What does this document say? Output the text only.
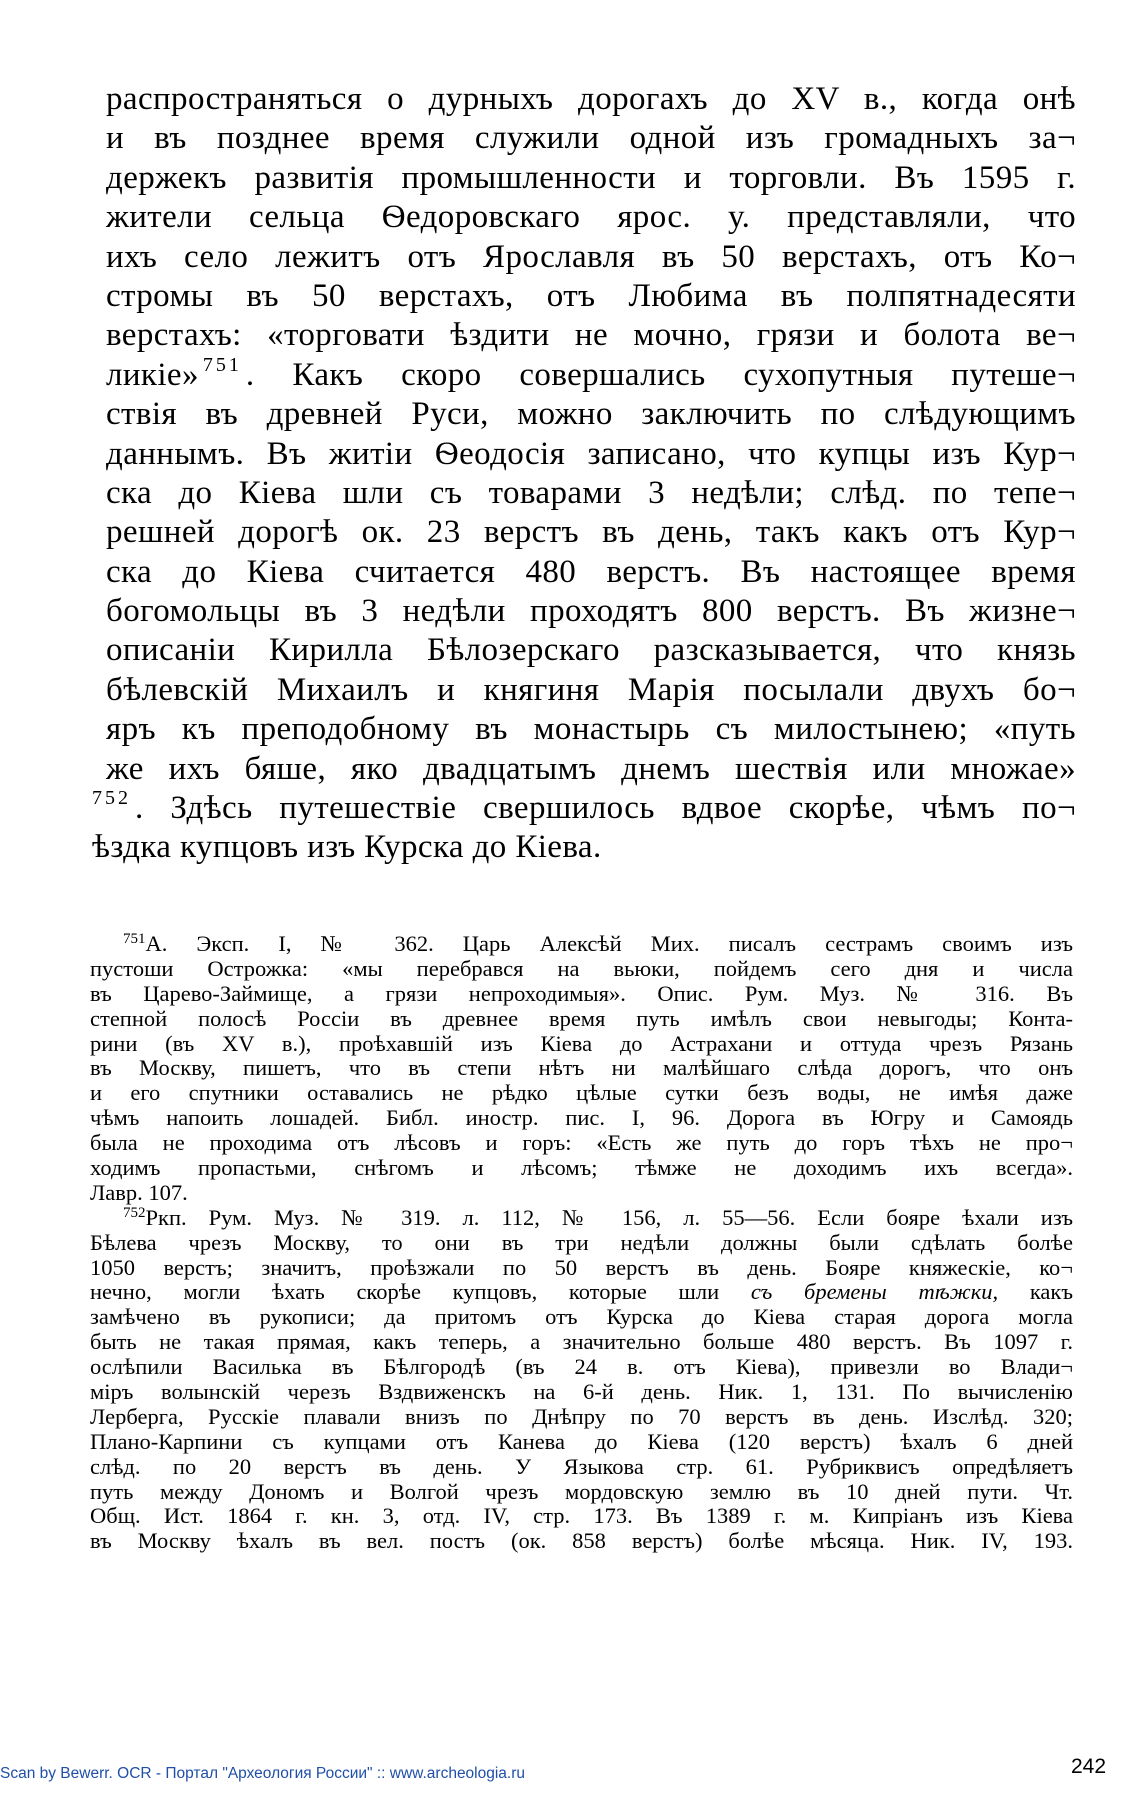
распространяться о дурныхъ дорогахъ до XV в., когда онѣ
и въ позднее время служили одной изъ громадныхъ за¬
держекъ развитія промышленности и торговли. Въ 1595 г.
жители сельца Ѳедоровскаго ярос. у. представляли, что
ихъ село лежитъ отъ Ярославля въ 50 верстахъ, отъ Ко¬
стромы въ 50 верстахъ, отъ Любима въ полпятнадесяти
верстахъ: «торговати ѣздити не мочно, грязи и болота ве¬
ликіе» $^{751}$ . Какъ скоро совершались сухопутныя путеше¬
ствія въ древней Руси, можно заключить по слѣдующимъ
даннымъ. Въ житіи Ѳеодосія записано, что купцы изъ Кур¬
ска до Кіева шли съ товарами 3 недѣли; слѣд. по тепе¬
решней дорогѣ ок. 23 верстъ въ день, такъ какъ отъ Кур¬
ска до Кіева считается 480 верстъ. Въ настоящее время
богомольцы въ 3 недѣли проходятъ 800 верстъ. Въ жизне¬
описаніи Кирилла Бѣлозерскаго разсказывается, что князь
бѣлевскій Михаилъ и княгиня Марія посылали двухъ бо¬
яръ къ преподобному въ монастырь съ милостынею; «путь
же ихъ бяше, яко двадцатымъ днемъ шествія или множае»
$^{752}$ . Здѣсь путешествіе свершилось вдвое скорѣе, чѣмъ по¬
ѣздка купцовъ изъ Курска до Кіева.
$^{751}$А. Эксп. I, № 362. Царь Алексѣй Мих. писалъ сестрамъ своимъ изъ
пустоши Острожка: «мы перебрався на вьюки, пойдемъ сего дня и числа
въ Царево-Займище, а грязи непроходимыя». Опис. Рум. Муз. № 316. Въ
степной полосѣ Россіи въ древнее время путь имѣлъ свои невыгоды; Конта-
рини (въ XV в.), проѣхавшій изъ Кіева до Астрахани и оттуда чрезъ Рязань
въ Москву, пишетъ, что въ степи нѣтъ ни малѣйшаго слѣда дорогъ, что онъ
и его спутники оставались не рѣдко цѣлые сутки безъ воды, не имѣя даже
чѣмъ напоить лошадей. Библ. иностр. пис. I, 96. Дорога въ Югру и Самоядь
была не проходима отъ лѣсовъ и горъ: «Есть же путь до горъ тѣхъ не про¬
ходимъ пропастьми, снѣгомъ и лѣсомъ; тѣмже не доходимъ ихъ всегда».
Лавр. 107.
$^{752}$Ркп. Рум. Муз. № 319. л. 112, № 156, л. 55—56. Если бояре ѣхали изъ
Бѣлева чрезъ Москву, то они въ три недѣли должны были сдѣлать болѣе
1050 верстъ; значитъ, проѣзжали по 50 верстъ въ день. Бояре княжескіе, ко¬
нечно, могли ѣхать скорѣе купцовъ, которые шли съ бремены тѣжки, какъ
замѣчено въ рукописи; да притомъ отъ Курска до Кіева старая дорога могла
быть не такая прямая, какъ теперь, а значительно больше 480 верстъ. Въ 1097 г.
ослѣпили Василька въ Бѣлгородѣ (въ 24 в. отъ Кіева), привезли во Влади¬
міръ волынскій черезъ Вздвиженскъ на 6-й день. Ник. 1, 131. По вычисленію
Лерберга, Русскіе плавали внизъ по Днѣпру по 70 верстъ въ день. Изслѣд. 320;
Плано-Карпини съ купцами отъ Канева до Кіева (120 верстъ) ѣхалъ 6 дней
слѣд. по 20 верстъ въ день. У Языкова стр. 61. Рубриквисъ опредѣляетъ
путь между Дономъ и Волгой чрезъ мордовскую землю въ 10 дней пути. Чт.
Общ. Ист. 1864 г. кн. 3, отд. IV, стр. 173. Въ 1389 г. м. Кипріанъ изъ Кіева
въ Москву ѣхалъ въ вел. постъ (ок. 858 верстъ) болѣе мѣсяца. Ник. IV, 193.
Scan by Bewerr. OCR - Портал "Археология России" :: www.archeologia.ru	242
